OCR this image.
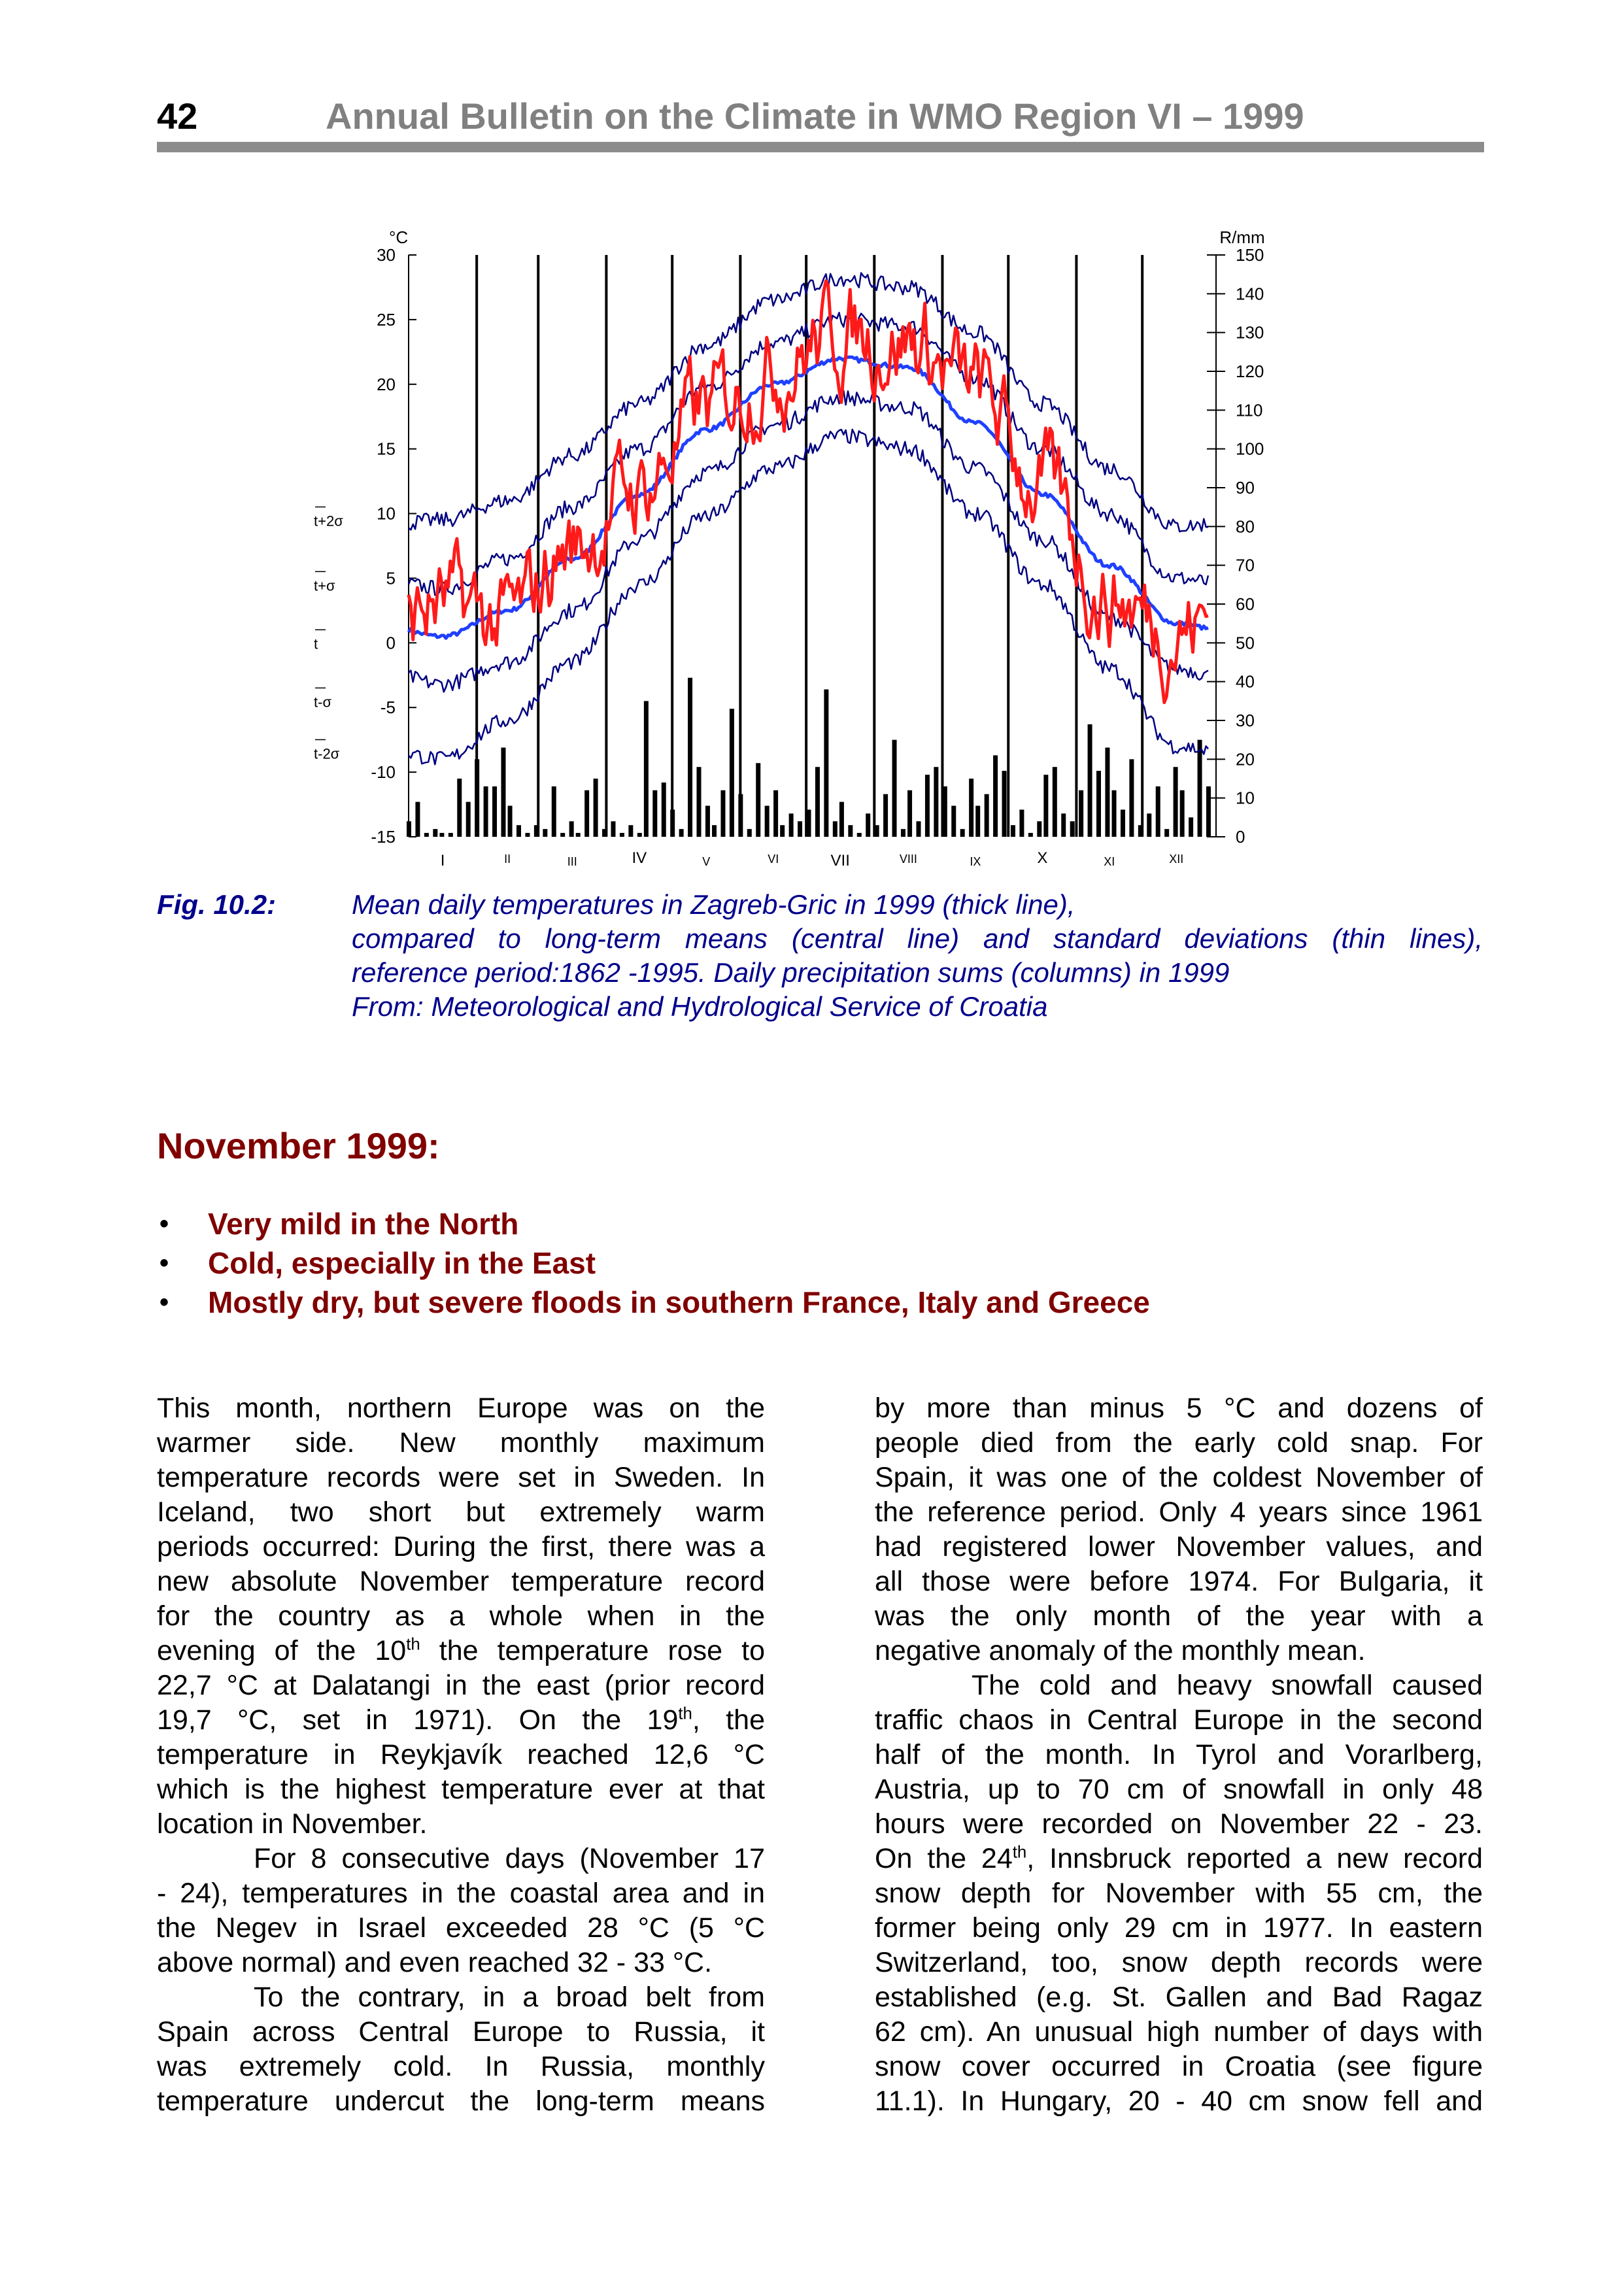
42	Annual Bulletin on the Climate in WMO Region VI – 1999
°C
30
25
20
15
10
5
0
-5
-10
-15
R/mm
150
140
130
120
110
100
90
80
70
60
50
40
30
20
10
0
I	II	III	IV	V	VI	VII	VIII	IX	X	XI	XII
t+2σ
t+σ
t
t-σ
t-2σ
Fig. 10.2:	Mean daily temperatures in Zagreb-Gric in 1999 (thick line),
compared to long-term means (central line) and standard deviations (thin lines),
reference period:1862 -1995. Daily precipitation sums (columns) in 1999
From: Meteorological and Hydrological Service of Croatia
November 1999:
• Very mild in the North
• Cold, especially in the East
• Mostly dry, but severe floods in southern France, Italy and Greece
This month, northern Europe was on the
warmer side. New monthly maximum
temperature records were set in Sweden. In
Iceland, two short but extremely warm
periods occurred: During the first, there was a
new absolute November temperature record
for the country as a whole when in the
evening of the 10th the temperature rose to
22,7 °C at Dalatangi in the east (prior record
19,7 °C, set in 1971). On the 19th, the
temperature in Reykjavík reached 12,6 °C
which is the highest temperature ever at that
location in November.
For 8 consecutive days (November 17
- 24), temperatures in the coastal area and in
the Negev in Israel exceeded 28 °C (5 °C
above normal) and even reached 32 - 33 °C.
To the contrary, in a broad belt from
Spain across Central Europe to Russia, it
was extremely cold. In Russia, monthly
temperature undercut the long-term means
by more than minus 5 °C and dozens of
people died from the early cold snap. For
Spain, it was one of the coldest November of
the reference period. Only 4 years since 1961
had registered lower November values, and
all those were before 1974. For Bulgaria, it
was the only month of the year with a
negative anomaly of the monthly mean.
The cold and heavy snowfall caused
traffic chaos in Central Europe in the second
half of the month. In Tyrol and Vorarlberg,
Austria, up to 70 cm of snowfall in only 48
hours were recorded on November 22 - 23.
On the 24th, Innsbruck reported a new record
snow depth for November with 55 cm, the
former being only 29 cm in 1977. In eastern
Switzerland, too, snow depth records were
established (e.g. St. Gallen and Bad Ragaz
62 cm). An unusual high number of days with
snow cover occurred in Croatia (see figure
11.1). In Hungary, 20 - 40 cm snow fell and
